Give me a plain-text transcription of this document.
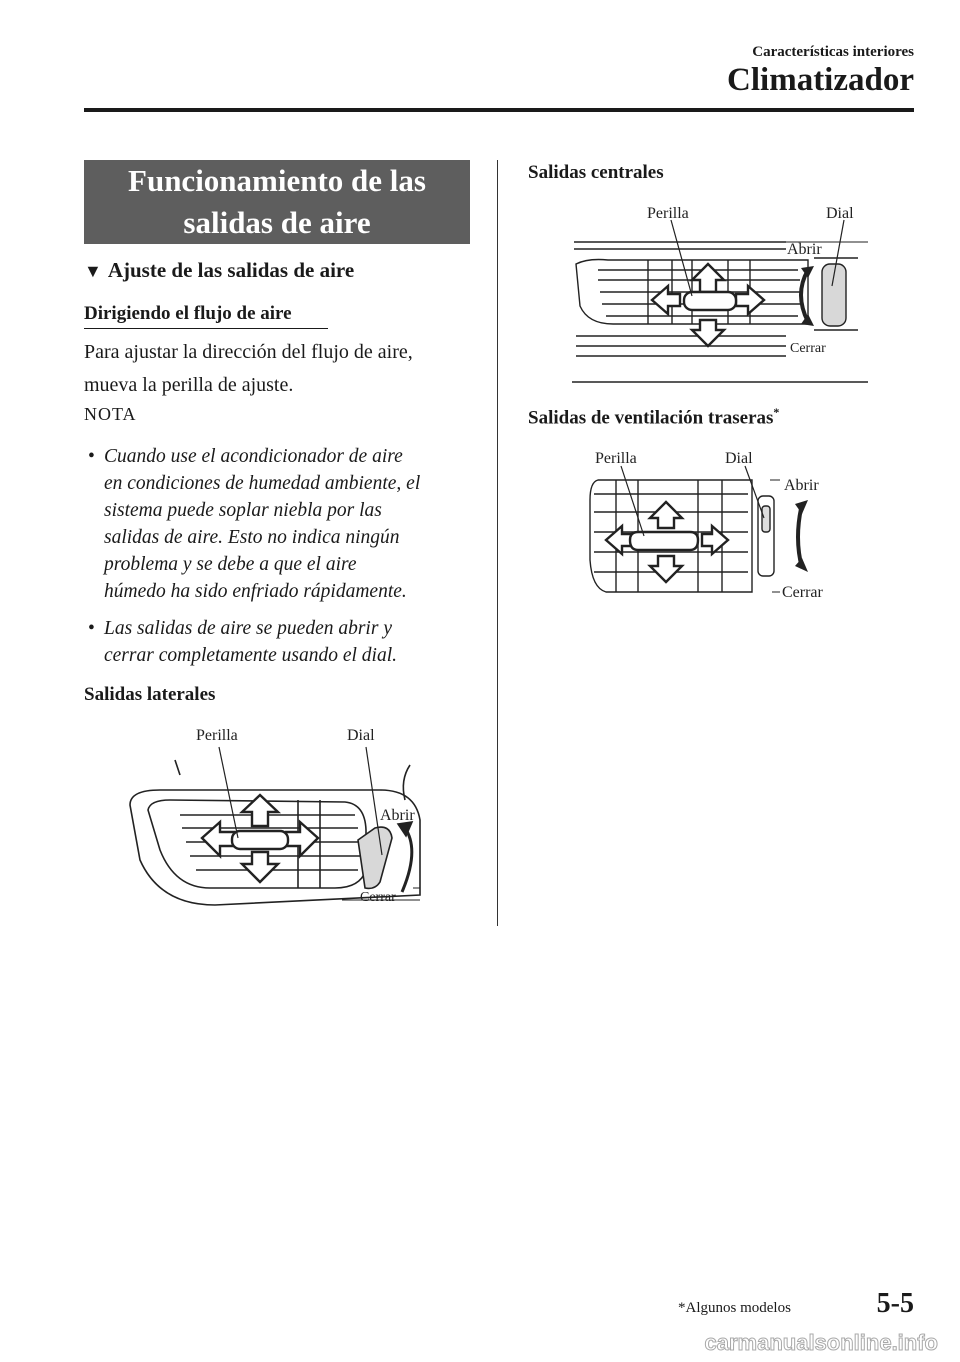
Características interiores
Climatizador
Funcionamiento de las
salidas de aire
▼ Ajuste de las salidas de aire
Dirigiendo el flujo de aire
Para ajustar la dirección del flujo de aire,
mueva la perilla de ajuste.
NOTA
• Cuando use el acondicionador de aire
en condiciones de humedad ambiente, el
sistema puede soplar niebla por las
salidas de aire. Esto no indica ningún
problema y se debe a que el aire
húmedo ha sido enfriado rápidamente.
• Las salidas de aire se pueden abrir y
cerrar completamente usando el dial.
Salidas laterales
Perilla	Dial
Abrir
Cerrar
Salidas centrales
Perilla	Dial
Abrir
Cerrar
Salidas de ventilación traseras*
Perilla	Dial
Abrir
Cerrar
*Algunos modelos	5-5
carmanualsonline.info
